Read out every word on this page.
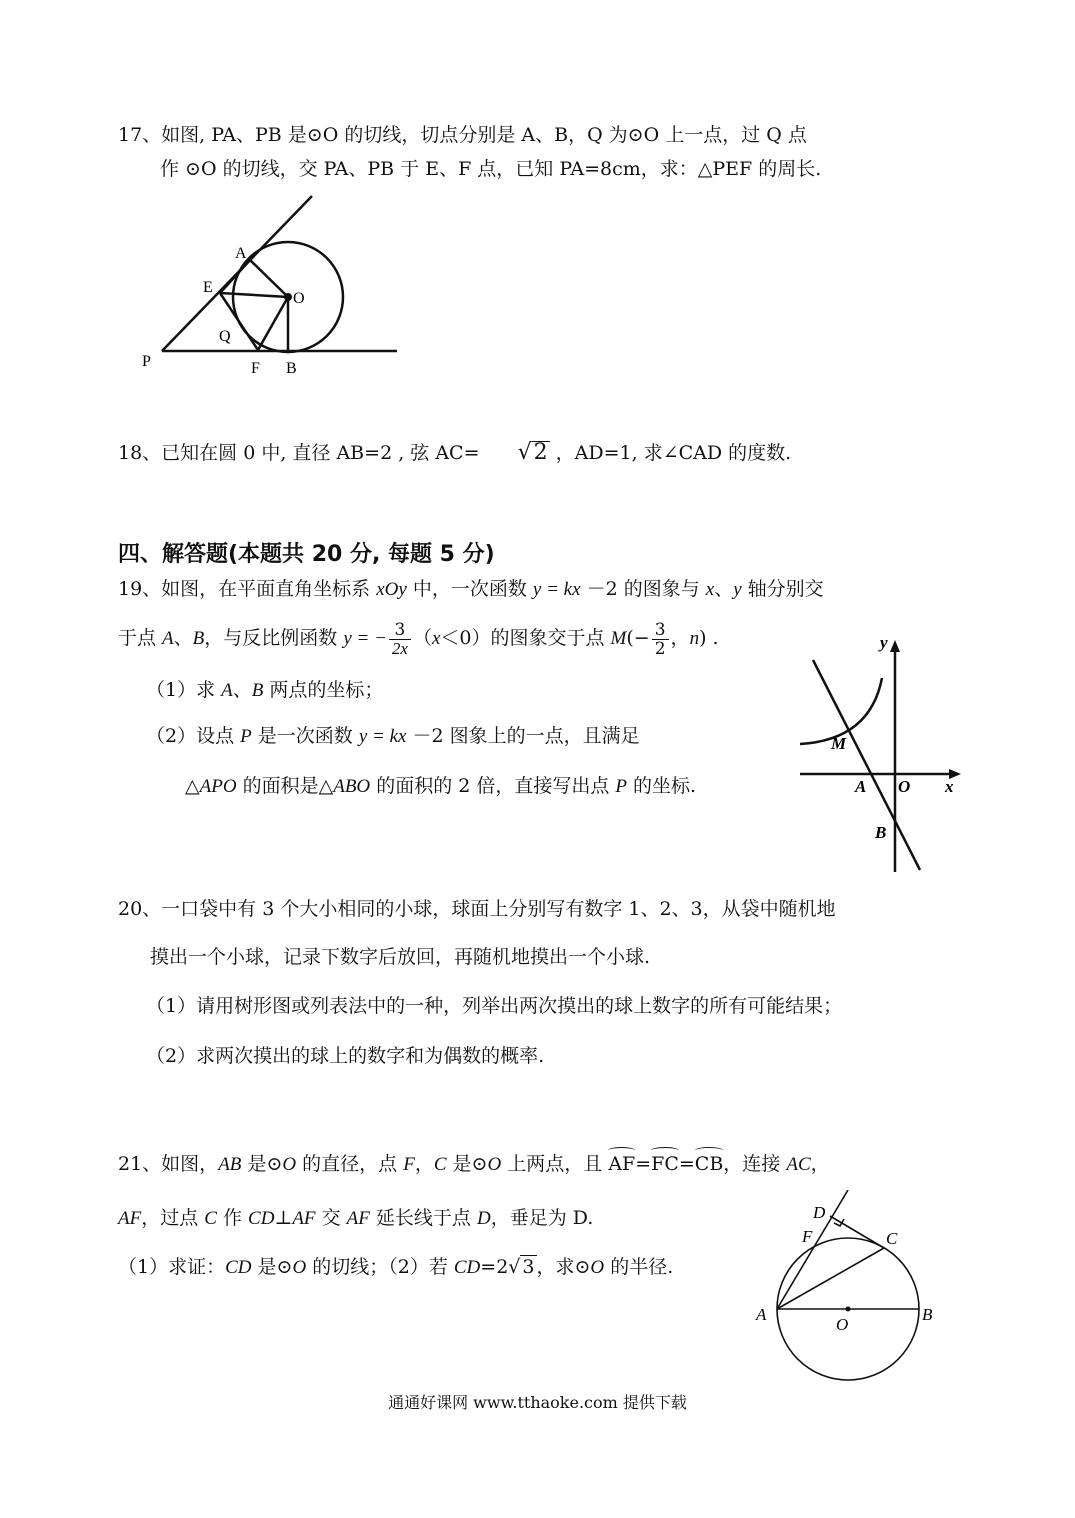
17、如图, PA、PB 是⊙O 的切线，切点分别是 A、B，Q 为⊙O 上一点，过 Q 点
作 ⊙O 的切线，交 PA、PB 于 E、F 点，已知 PA=8cm，求：△PEF 的周长.
A
E
O
Q
P	F B
18、已知在圆 0 中, 直径 AB=2 , 弦 AC= √2 ，AD=1, 求∠CAD 的度数.
四、解答题(本题共 20 分, 每题 5 分)
19、如图，在平面直角坐标系 xOy 中，一次函数 y = kx －2 的图象与 x、y 轴分别交
于点 A、B，与反比例函数 y = − $\frac{3}{2x} (x<0)$的图象交于点 $M(- \frac{3}{2}$ ，n) .
（1）求 A、B 两点的坐标；
（2）设点 P 是一次函数 y = kx －2 图象上的一点，且满足
△APO 的面积是△ABO 的面积的 2 倍，直接写出点 P 的坐标.
y
M
A O x
B
20、一口袋中有 3 个大小相同的小球，球面上分别写有数字 1、2、3，从袋中随机地
摸出一个小球，记录下数字后放回，再随机地摸出一个小球.
（1）请用树形图或列表法中的一种，列举出两次摸出的球上数字的所有可能结果；
（2）求两次摸出的球上的数字和为偶数的概率.
21、如图，AB 是⊙O 的直径，点 F，C 是⊙O 上两点，且 AF=FC=CB，连接 AC，
AF，过点 C 作 CD⊥AF 交 AF 延长线于点 D，垂足为 D.
（1）求证：CD 是⊙O 的切线；（2）若 CD=2√ 3 ，求⊙O 的半径.
D
F	C
A
O
B
通通好课网 www.tthaoke.com 提供下载
